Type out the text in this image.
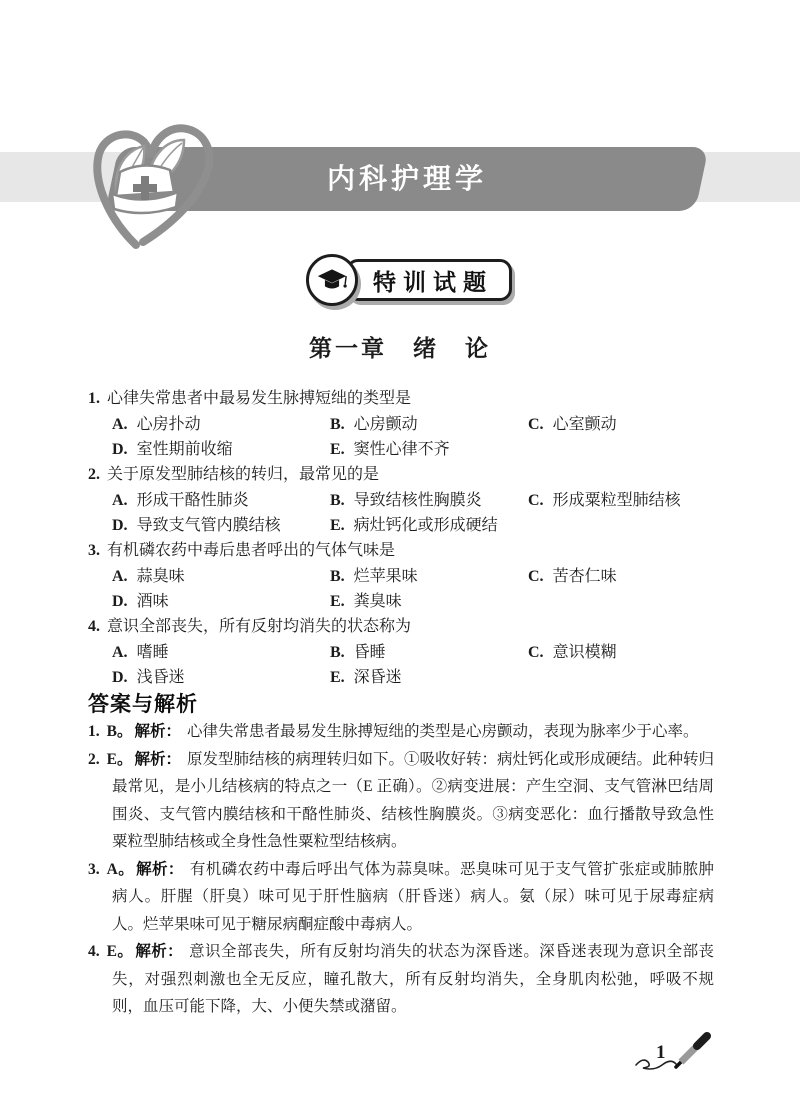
内科护理学
特训试题
第一章　绪　论
1. 心律失常患者中最易发生脉搏短绌的类型是
A. 心房扑动	B. 心房颤动	C. 心室颤动
D. 室性期前收缩	E. 窦性心律不齐
2. 关于原发型肺结核的转归，最常见的是
A. 形成干酪性肺炎	B. 导致结核性胸膜炎	C. 形成粟粒型肺结核
D. 导致支气管内膜结核	E. 病灶钙化或形成硬结
3. 有机磷农药中毒后患者呼出的气体气味是
A. 蒜臭味	B. 烂苹果味	C. 苦杏仁味
D. 酒味	E. 粪臭味
4. 意识全部丧失，所有反射均消失的状态称为
A. 嗜睡	B. 昏睡	C. 意识模糊
D. 浅昏迷	E. 深昏迷
答案与解析

1. B。 解析： 心律失常患者最易发生脉搏短绌的类型是心房颤动，表现为脉率少于心率。

2. E。 解析： 原发型肺结核的病理转归如下。①吸收好转：病灶钙化或形成硬结。此种转归最常见，是小儿结核病的特点之一（E 正确）。②病变进展：产生空洞、支气管淋巴结周围炎、支气管内膜结核和干酪性肺炎、结核性胸膜炎。③病变恶化：血行播散导致急性粟粒型肺结核或全身性急性粟粒型结核病。

3. A。 解析： 有机磷农药中毒后呼出气体为蒜臭味。恶臭味可见于支气管扩张症或肺脓肿病人。肝腥（肝臭）味可见于肝性脑病（肝昏迷）病人。氨（尿）味可见于尿毒症病人。烂苹果味可见于糖尿病酮症酸中毒病人。

4. E。 解析： 意识全部丧失，所有反射均消失的状态为深昏迷。深昏迷表现为意识全部丧失，对强烈刺激也全无反应，瞳孔散大，所有反射均消失，全身肌肉松弛，呼吸不规则，血压可能下降，大、小便失禁或潴留。

1
